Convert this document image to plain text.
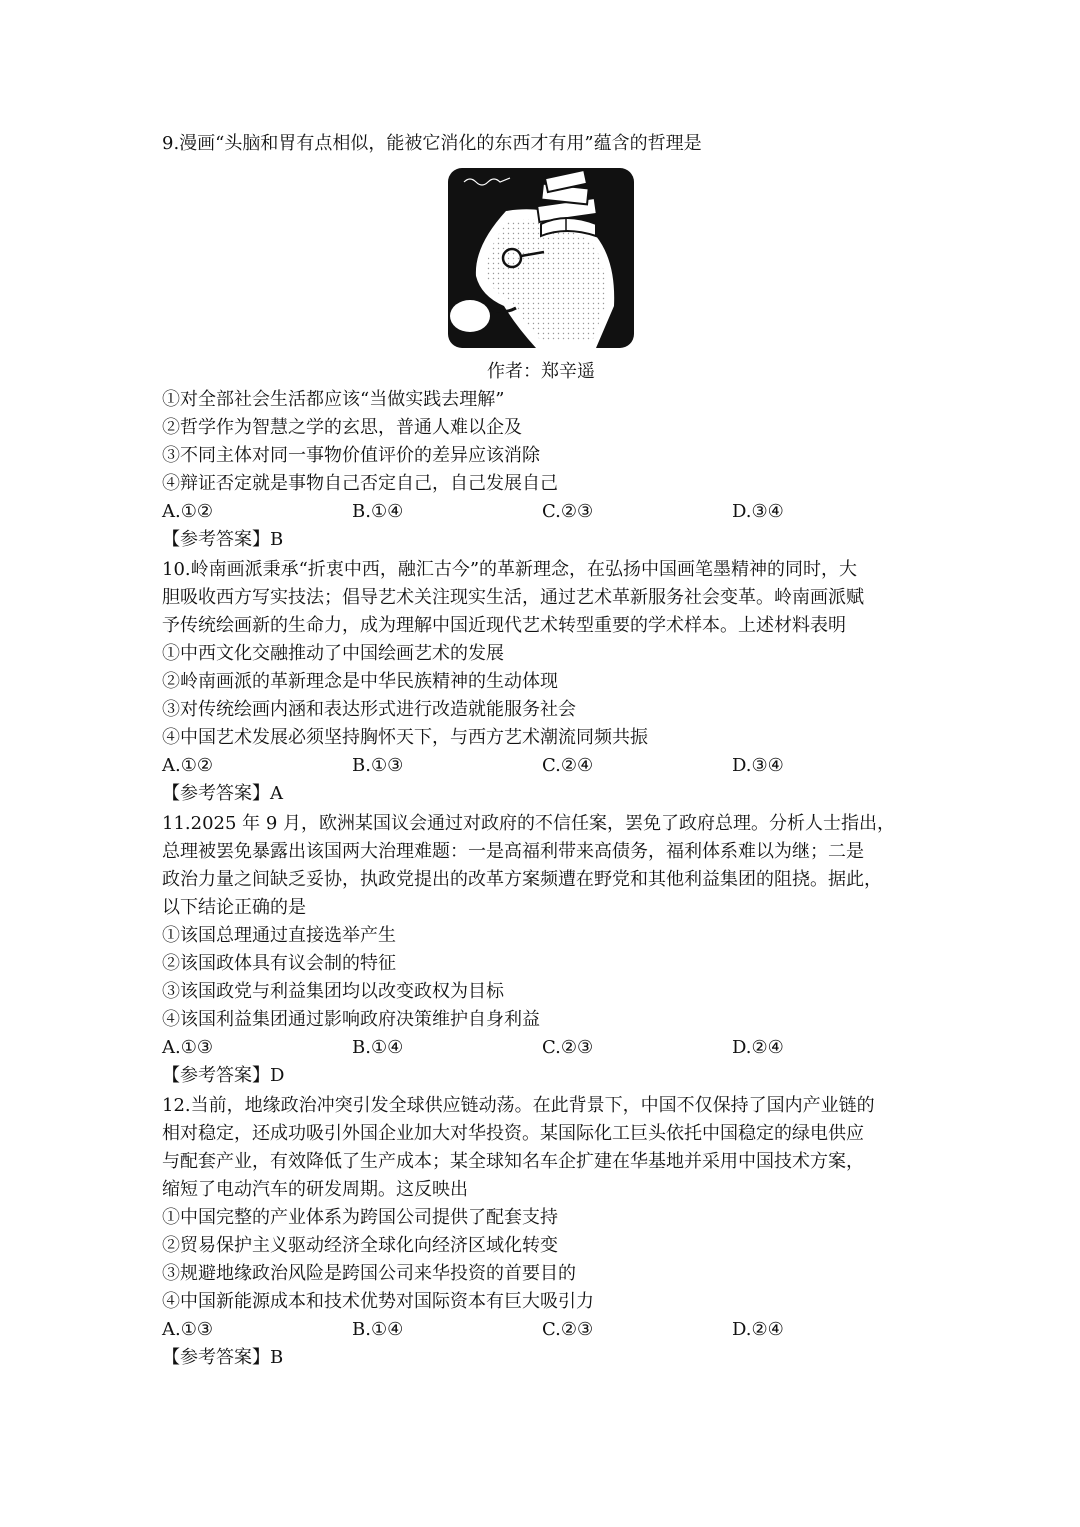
9.漫画“头脑和胃有点相似，能被它消化的东西才有用”蕴含的哲理是
作者：郑辛遥
①对全部社会生活都应该“当做实践去理解”
②哲学作为智慧之学的玄思，普通人难以企及
③不同主体对同一事物价值评价的差异应该消除
④辩证否定就是事物自己否定自己，自己发展自己
A.①②	B.①④	C.②③	D.③④
【参考答案】B
10.岭南画派秉承“折衷中西，融汇古今”的革新理念，在弘扬中国画笔墨精神的同时，大
胆吸收西方写实技法；倡导艺术关注现实生活，通过艺术革新服务社会变革。岭南画派赋
予传统绘画新的生命力，成为理解中国近现代艺术转型重要的学术样本。上述材料表明
①中西文化交融推动了中国绘画艺术的发展
②岭南画派的革新理念是中华民族精神的生动体现
③对传统绘画内涵和表达形式进行改造就能服务社会
④中国艺术发展必须坚持胸怀天下，与西方艺术潮流同频共振
A.①②	B.①③	C.②④	D.③④
【参考答案】A
11.2025 年 9 月，欧洲某国议会通过对政府的不信任案，罢免了政府总理。分析人士指出，
总理被罢免暴露出该国两大治理难题：一是高福利带来高债务，福利体系难以为继；二是
政治力量之间缺乏妥协，执政党提出的改革方案频遭在野党和其他利益集团的阻挠。据此，
以下结论正确的是
①该国总理通过直接选举产生
②该国政体具有议会制的特征
③该国政党与利益集团均以改变政权为目标
④该国利益集团通过影响政府决策维护自身利益
A.①③	B.①④	C.②③	D.②④
【参考答案】D
12.当前，地缘政治冲突引发全球供应链动荡。在此背景下，中国不仅保持了国内产业链的
相对稳定，还成功吸引外国企业加大对华投资。某国际化工巨头依托中国稳定的绿电供应
与配套产业，有效降低了生产成本；某全球知名车企扩建在华基地并采用中国技术方案，
缩短了电动汽车的研发周期。这反映出
①中国完整的产业体系为跨国公司提供了配套支持
②贸易保护主义驱动经济全球化向经济区域化转变
③规避地缘政治风险是跨国公司来华投资的首要目的
④中国新能源成本和技术优势对国际资本有巨大吸引力
A.①③	B.①④	C.②③	D.②④
【参考答案】B
